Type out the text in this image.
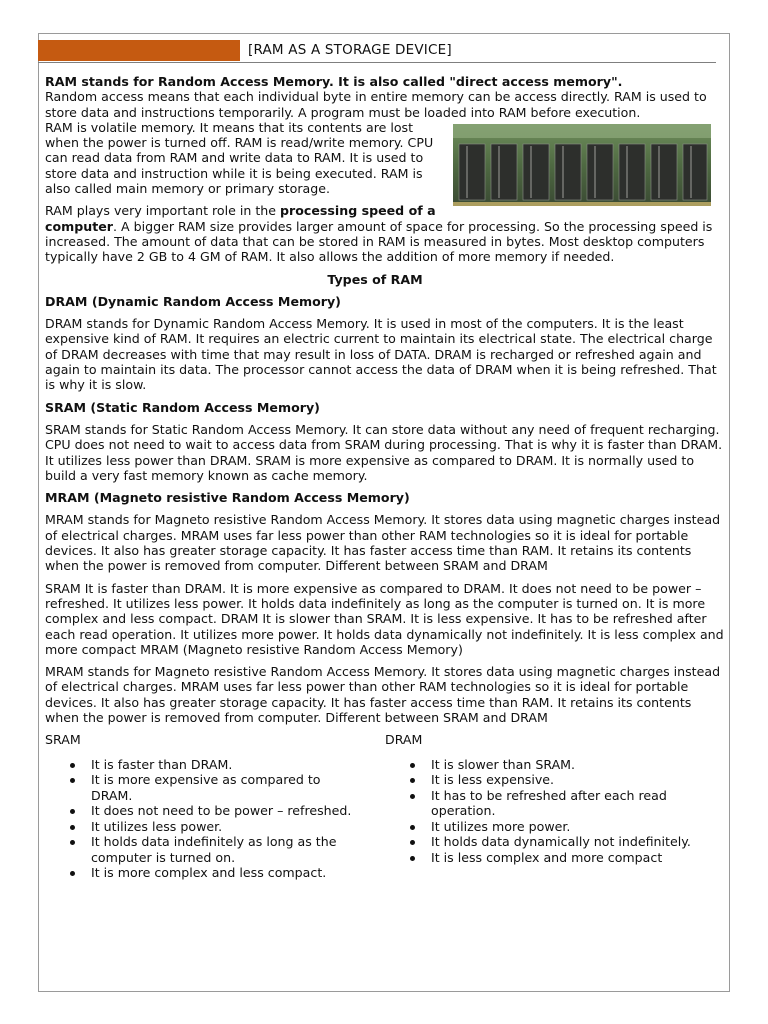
[RAM AS A STORAGE DEVICE]

RAM stands for Random Access Memory. It is also called "direct access memory".
Random access means that each individual byte in entire memory can be access directly. RAM is used to store data and instructions temporarily. A program must be loaded into RAM before execution.

RAM is volatile memory. It means that its contents are lost when the power is turned off. RAM is read/write memory. CPU can read data from RAM and write data to RAM. It is used to store data and instruction while it is being executed. RAM is also called main memory or primary storage.

RAM plays very important role in the processing speed of a computer. A bigger RAM size provides larger amount of space for processing. So the processing speed is increased. The amount of data that can be stored in RAM is measured in bytes. Most desktop computers typically have 2 GB to 4 GM of RAM. It also allows the addition of more memory if needed.

Types of RAM
DRAM (Dynamic Random Access Memory)

DRAM stands for Dynamic Random Access Memory. It is used in most of the computers. It is the least expensive kind of RAM. It requires an electric current to maintain its electrical state. The electrical charge of DRAM decreases with time that may result in loss of DATA. DRAM is recharged or refreshed again and again to maintain its data. The processor cannot access the data of DRAM when it is being refreshed. That is why it is slow.

SRAM (Static Random Access Memory)

SRAM stands for Static Random Access Memory. It can store data without any need of frequent recharging. CPU does not need to wait to access data from SRAM during processing. That is why it is faster than DRAM. It utilizes less power than DRAM. SRAM is more expensive as compared to DRAM. It is normally used to build a very fast memory known as cache memory.

MRAM (Magneto resistive Random Access Memory)

MRAM stands for Magneto resistive Random Access Memory. It stores data using magnetic charges instead of electrical charges. MRAM uses far less power than other RAM technologies so it is ideal for portable devices. It also has greater storage capacity. It has faster access time than RAM. It retains its contents when the power is removed from computer. Different between SRAM and DRAM

SRAM It is faster than DRAM. It is more expensive as compared to DRAM. It does not need to be power – refreshed. It utilizes less power. It holds data indefinitely as long as the computer is turned on. It is more complex and less compact. DRAM It is slower than SRAM. It is less expensive. It has to be refreshed after each read operation. It utilizes more power. It holds data dynamically not indefinitely. It is less complex and more compact MRAM (Magneto resistive Random Access Memory)

MRAM stands for Magneto resistive Random Access Memory. It stores data using magnetic charges instead of electrical charges. MRAM uses far less power than other RAM technologies so it is ideal for portable devices. It also has greater storage capacity. It has faster access time than RAM. It retains its contents when the power is removed from computer. Different between SRAM and DRAM

SRAM
It is faster than DRAM.
It is more expensive as compared to DRAM.
It does not need to be power – refreshed.
It utilizes less power.
It holds data indefinitely as long as the computer is turned on.
It is more complex and less compact.
DRAM
It is slower than SRAM.
It is less expensive.
It has to be refreshed after each read operation.
It utilizes more power.
It holds data dynamically not indefinitely.
It is less complex and more compact
